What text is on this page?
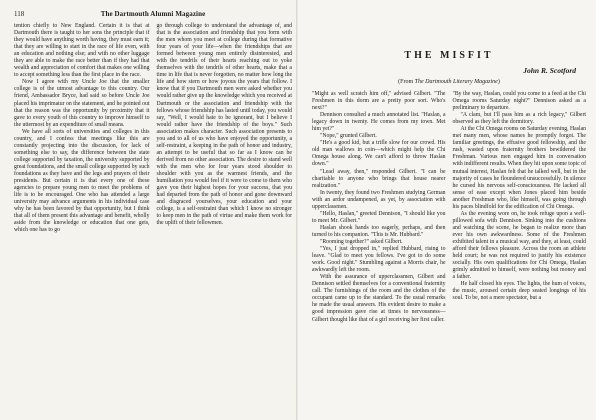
118	The Dartmouth Alumni Magazine

tention chiefly to New England. Certain it is that at Dartmouth there is taught to her sons the principle that if they would have anything worth having, they must earn it; that they are willing to start in the race of life even, with an education and nothing else; and with no other luggage they are able to make the race better than if they had that wealth and appreciation of comfort that makes one willing to accept something less than the first place in the race.

Now I agree with my Uncle Joe that the smaller college is of the utmost advantage to this country. Our friend, Ambassador Bryce, had said so before Uncle Joe placed his imprimatur on the statement, and he pointed out that the reason was the opportunity by proximity that it gave to every youth of this country to improve himself to the uttermost by an expenditure of small means.

We have all sorts of universities and colleges in this country, and I confess that meetings like this are constantly projecting into the discussion, for lack of something else to say, the difference between the state college supported by taxation, the university supported by great foundations, and the small college supported by such foundations as they have and the legs and prayers of their presidents. But certain it is that every one of these agencies to prepare young men to meet the problems of life is to be encouraged. One who has attended a large university may advance arguments in his individual case why he has been favored by that opportunity, but I think that all of them present this advantage and benefit, wholly aside from the knowledge or education that one gets, which one has to go

go through college to understand the advantage of, and that is the association and friendship that you form with the men whom you meet at college during that formative four years of your life—when the friendships that are formed between young men entirely disinterested, and with the tendrils of their hearts reaching out to yoke themselves with the tendrils of other hearts, make that a time in life that is never forgotten, no matter how long the life and how stern or how joyous the years that follow. I know that if you Dartmouth men were asked whether you would rather give up the knowledge which you received at Dartmouth or the association and friendship with the fellows whose friendship has lasted until today, you would say, "Well, I would hate to be ignorant, but I believe I would rather have the friendship of the boys." Such association makes character. Such association presents to you and to all of us who have enjoyed the opportunity, a self-restraint, a keeping in the path of honor and industry, an attempt to be useful that so far as I know can be derived from no other association. The desire to stand well with the men who for four years stood shoulder to shoulder with you as the warmest friends, and the humiliation you would feel if it were to come to them who gave you their highest hopes for your success, that you had departed from the path of honor and gone downward and disgraced yourselves, your education and your college, is a self-restraint than which I know no stronger to keep men in the path of virtue and make them work for the uplift of their fellowmen.

THE MISFIT
John R. Scotford
(From The Dartmouth Literary Magazine)

"Might as well scratch him off," advised Gilbert. "The Freshmen in this dorm are a pretty poor sort. Who's next?"

Dennison consulted a much annotated list. "Haslan, a legacy down in twenty. He comes from my town. Met him yet?"

"Nope," grunted Gilbert.

"He's a good kid, but a trifle slow for our crowd. His old man wallows in coin—which might help the Chi Omega house along. We can't afford to throw Haslan down."

"Lead away, then," responded Gilbert. "I can be charitable to anyone who brings that house nearer realization."

In twenty, they found two Freshmen studying German with an ardor undampened, as yet, by association with upperclassmen.

"Hello, Haslan," greeted Dennison, "I should like you to meet Mr. Gilbert."

Haslan shook hands too eagerly, perhaps, and then turned to his companion. "This is Mr. Hubbard."

"Rooming together?" asked Gilbert.

"Yes, I just dropped in," replied Hubbard, rising to leave. "Glad to meet you fellows. I've got to do some work. Good night." Stumbling against a Morris chair, he awkwardly left the room.

With the assurance of upperclassmen, Gilbert and Dennison settled themselves for a conventional fraternity call. The furnishings of the room and the clothes of the occupant came up to the standard. To the usual remarks he made the usual answers. His evident desire to make a good impression gave rise at times to nervousness—Gilbert thought like that of a girl receiving her first caller.

"By the way, Haslan, could you come to a feed at the Chi Omega rooms Saturday night?" Dennison asked as a preliminary to departure.

"A clam, but I'll pass him as a rich legacy," Gilbert observed as they left the dormitory.

At the Chi Omega rooms on Saturday evening, Haslan met many men, whose names he promptly forgot. The familiar greetings, the effusive good fellowship, and the rush, wasted upon fraternity brothers bewildered the Freshman. Various men engaged him in conversation with indifferent results. When they hit upon some topic of mutual interest, Haslan felt that he talked well, but in the majority of cases he floundered unsuccessfully. In silence he cursed his nervous self-consciousness. He lacked all sense of ease except when Jones placed him beside another Freshman who, like himself, was going through his paces blindfold for the edification of Chi Omega.

As the evening wore on, he took refuge upon a well-pillowed sofa with Dennison. Sinking into the cushions and watching the scene, he began to realize more than ever his own awkwardness. Some of the Freshmen exhibited talent in a musical way, and they, at least, could afford their fellows pleasure. Across the room an athlete held court; he was not required to justify his existence socially. His own qualifications for Chi Omega, Haslan grimly admitted to himself, were nothing but money and a father.

He half closed his eyes. The lights, the hum of voices, the music, aroused certain deep seated longings of his soul. To be, not a mere spectator, but a
